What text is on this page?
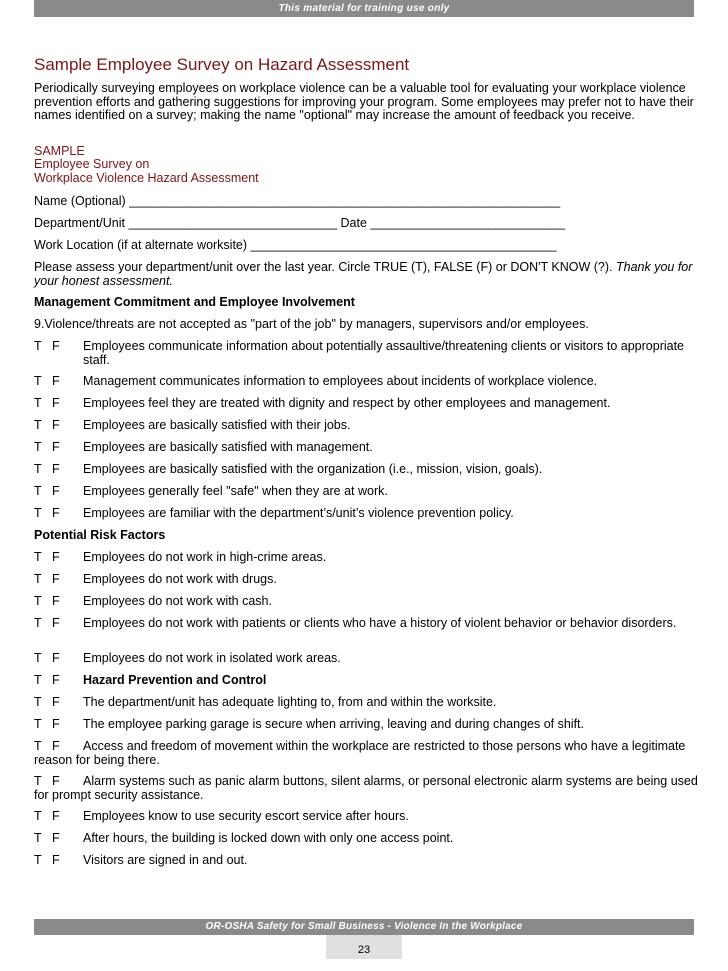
This material for training use only
Sample Employee Survey on Hazard Assessment
Periodically surveying employees on workplace violence can be a valuable tool for evaluating your workplace violence prevention efforts and gathering suggestions for improving your program. Some employees may prefer not to have their names identified on a survey; making the name "optional" may increase the amount of feedback you receive.
SAMPLE
Employee Survey on
Workplace Violence Hazard Assessment
Name (Optional) ______________________________________________________________
Department/Unit ______________________________ Date ____________________________
Work Location (if at alternate worksite) ____________________________________________
Please assess your department/unit over the last year. Circle TRUE (T), FALSE (F) or DON'T KNOW (?). Thank you for your honest assessment.
Management Commitment and Employee Involvement
9.Violence/threats are not accepted as "part of the job" by managers, supervisors and/or employees.
T   F	Employees communicate information about potentially assaultive/threatening clients or visitors to appropriate staff.
T   F	Management communicates information to employees about incidents of workplace violence.
T   F	Employees feel they are treated with dignity and respect by other employees and management.
T   F	Employees are basically satisfied with their jobs.
T   F	Employees are basically satisfied with management.
T   F	Employees are basically satisfied with the organization (i.e., mission, vision, goals).
T   F	Employees generally feel "safe" when they are at work.
T   F	Employees are familiar with the department’s/unit’s violence prevention policy.
Potential Risk Factors
T   F	Employees do not work in high-crime areas.
T   F	Employees do not work with drugs.
T   F	Employees do not work with cash.
T   F	Employees do not work with patients or clients who have a history of violent behavior or behavior disorders.
T   F	Employees do not work in isolated work areas.
T   F	Hazard Prevention and Control
T   F	The department/unit has adequate lighting to, from and within the worksite.
T   F	The employee parking garage is secure when arriving, leaving and during changes of shift.
T   F Access and freedom of movement within the workplace are restricted to those persons who have a legitimate reason for being there.
T   F Alarm systems such as panic alarm buttons, silent alarms, or personal electronic alarm systems are being used for prompt security assistance.
T   F	Employees know to use security escort service after hours.
T   F	After hours, the building is locked down with only one access point.
T   F	Visitors are signed in and out.
OR-OSHA Safety for Small Business - Violence In the Workplace
23
